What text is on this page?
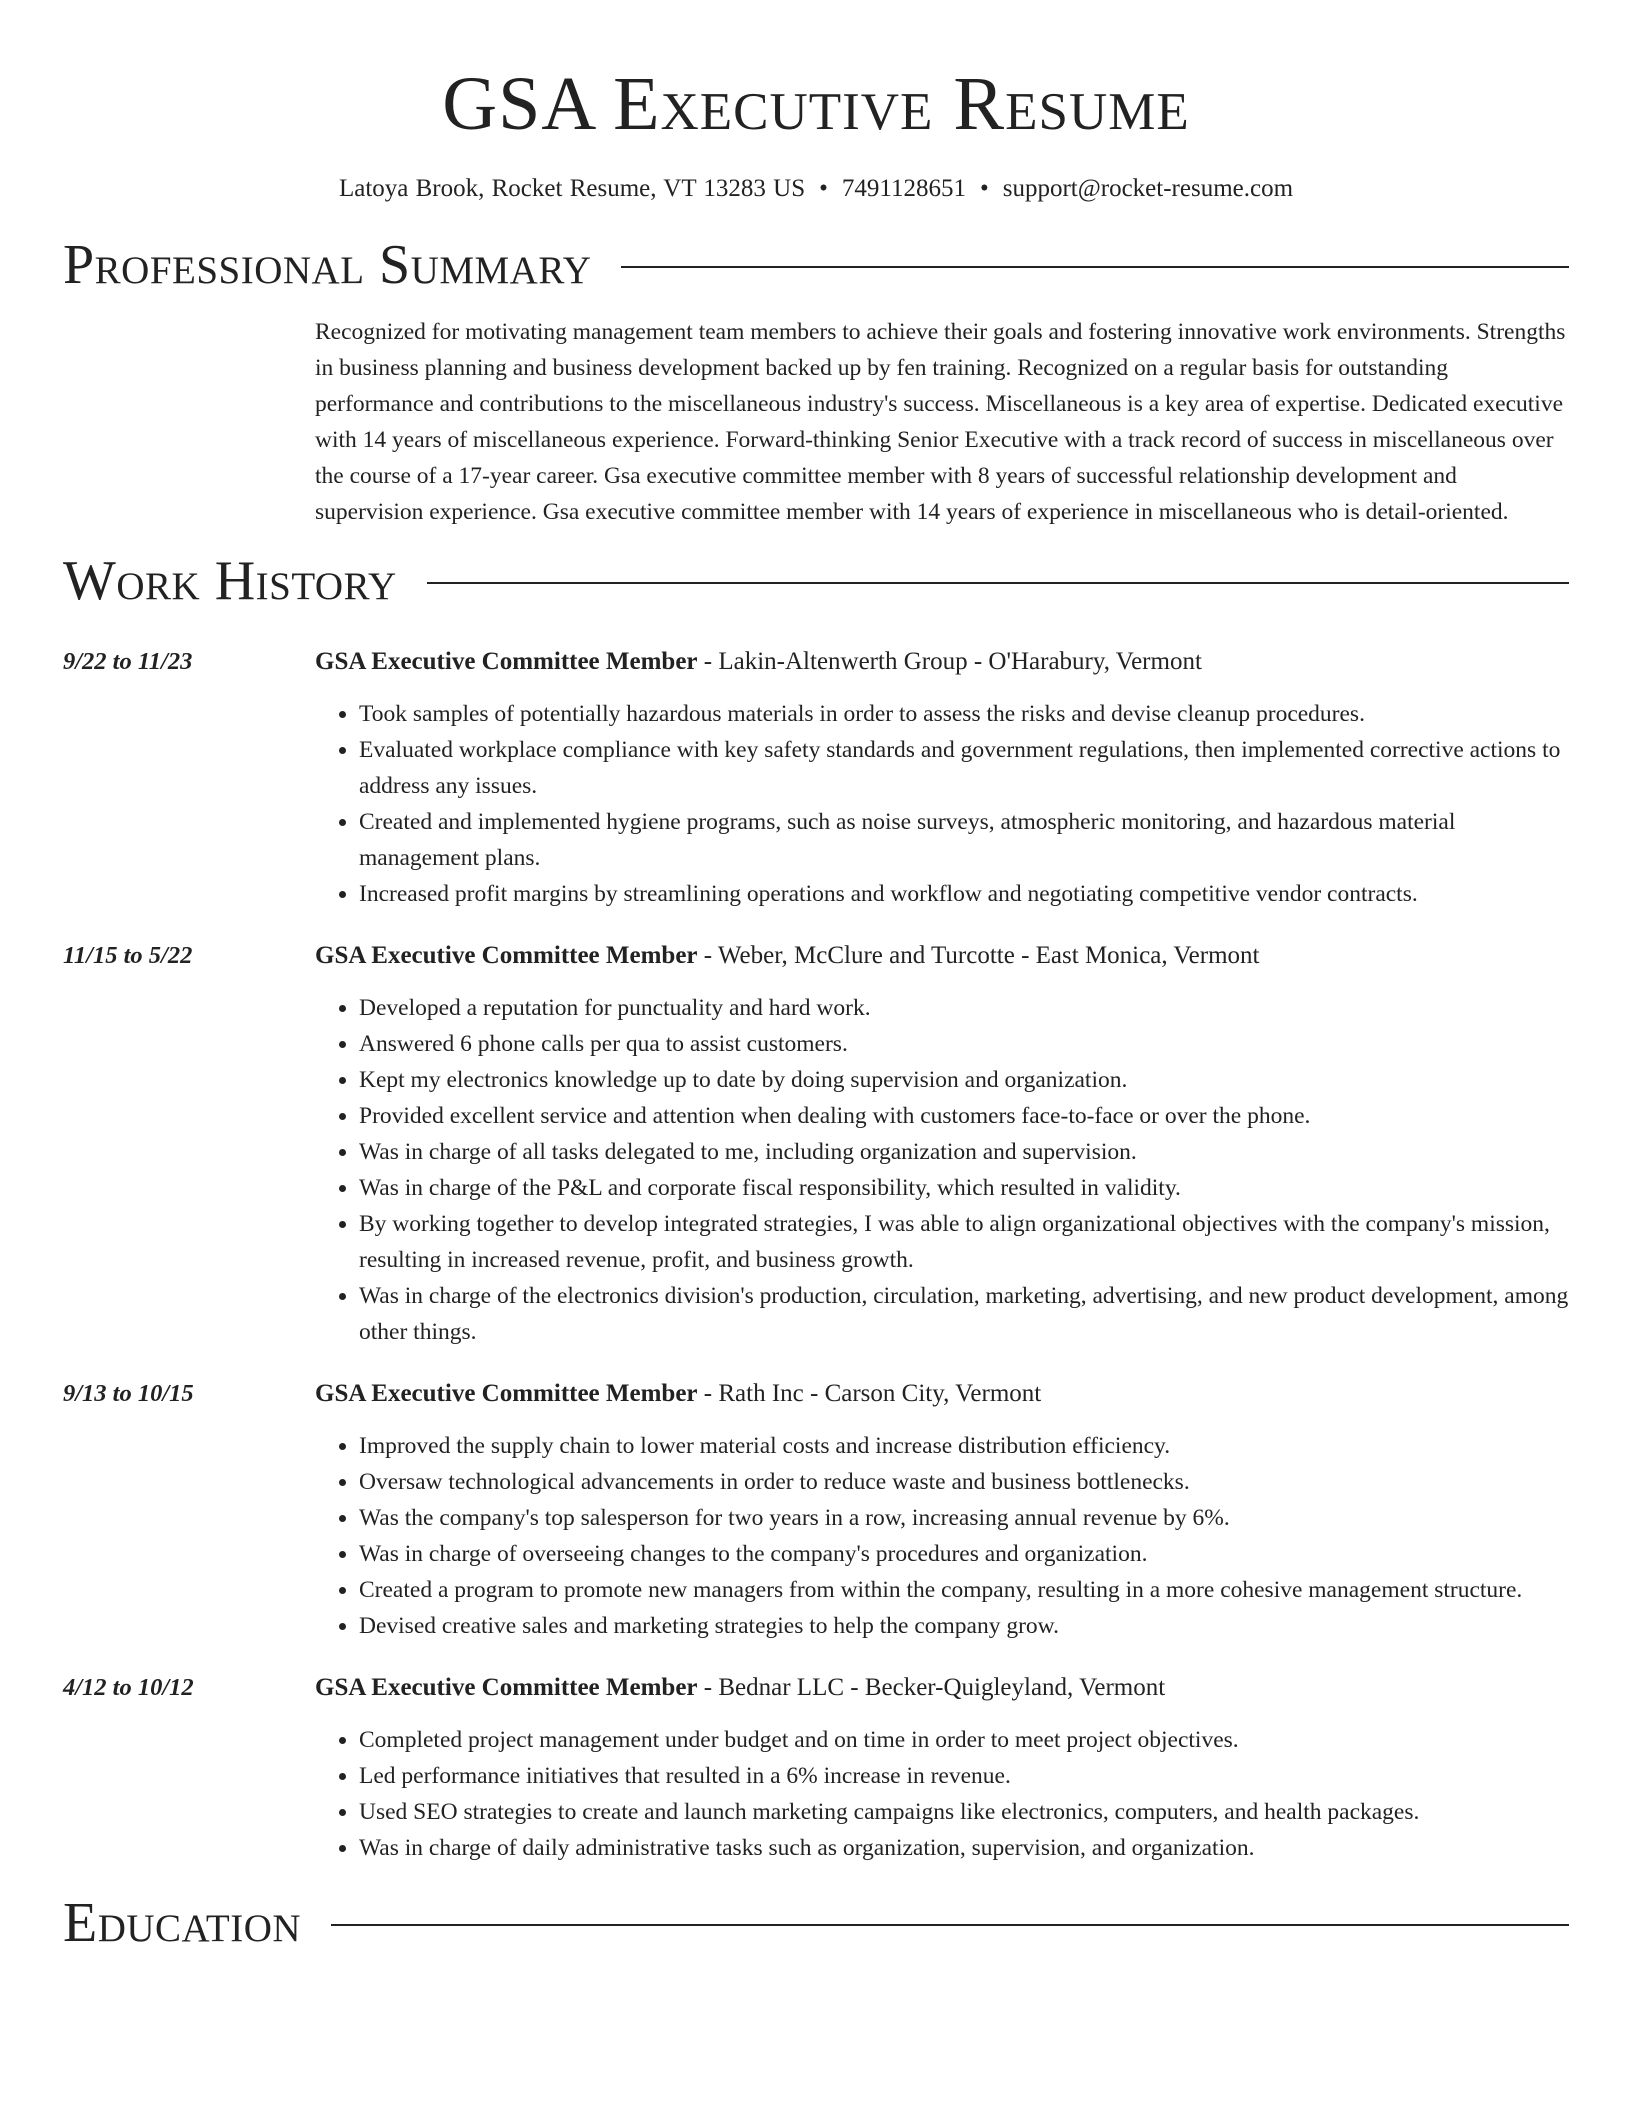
GSA Executive Resume
Latoya Brook, Rocket Resume, VT 13283 US • 7491128651 • support@rocket-resume.com
Professional Summary
Recognized for motivating management team members to achieve their goals and fostering innovative work environments. Strengths in business planning and business development backed up by fen training. Recognized on a regular basis for outstanding performance and contributions to the miscellaneous industry's success. Miscellaneous is a key area of expertise. Dedicated executive with 14 years of miscellaneous experience. Forward-thinking Senior Executive with a track record of success in miscellaneous over the course of a 17-year career. Gsa executive committee member with 8 years of successful relationship development and supervision experience. Gsa executive committee member with 14 years of experience in miscellaneous who is detail-oriented.
Work History
9/22 to 11/23	GSA Executive Committee Member - Lakin-Altenwerth Group - O'Harabury, Vermont
• Took samples of potentially hazardous materials in order to assess the risks and devise cleanup procedures.
• Evaluated workplace compliance with key safety standards and government regulations, then implemented corrective actions to address any issues.
• Created and implemented hygiene programs, such as noise surveys, atmospheric monitoring, and hazardous material management plans.
• Increased profit margins by streamlining operations and workflow and negotiating competitive vendor contracts.
11/15 to 5/22	GSA Executive Committee Member - Weber, McClure and Turcotte - East Monica, Vermont
• Developed a reputation for punctuality and hard work.
• Answered 6 phone calls per qua to assist customers.
• Kept my electronics knowledge up to date by doing supervision and organization.
• Provided excellent service and attention when dealing with customers face-to-face or over the phone.
• Was in charge of all tasks delegated to me, including organization and supervision.
• Was in charge of the P&L and corporate fiscal responsibility, which resulted in validity.
• By working together to develop integrated strategies, I was able to align organizational objectives with the company's mission, resulting in increased revenue, profit, and business growth.
• Was in charge of the electronics division's production, circulation, marketing, advertising, and new product development, among other things.
9/13 to 10/15	GSA Executive Committee Member - Rath Inc - Carson City, Vermont
• Improved the supply chain to lower material costs and increase distribution efficiency.
• Oversaw technological advancements in order to reduce waste and business bottlenecks.
• Was the company's top salesperson for two years in a row, increasing annual revenue by 6%.
• Was in charge of overseeing changes to the company's procedures and organization.
• Created a program to promote new managers from within the company, resulting in a more cohesive management structure.
• Devised creative sales and marketing strategies to help the company grow.
4/12 to 10/12	GSA Executive Committee Member - Bednar LLC - Becker-Quigleyland, Vermont
• Completed project management under budget and on time in order to meet project objectives.
• Led performance initiatives that resulted in a 6% increase in revenue.
• Used SEO strategies to create and launch marketing campaigns like electronics, computers, and health packages.
• Was in charge of daily administrative tasks such as organization, supervision, and organization.
Education
